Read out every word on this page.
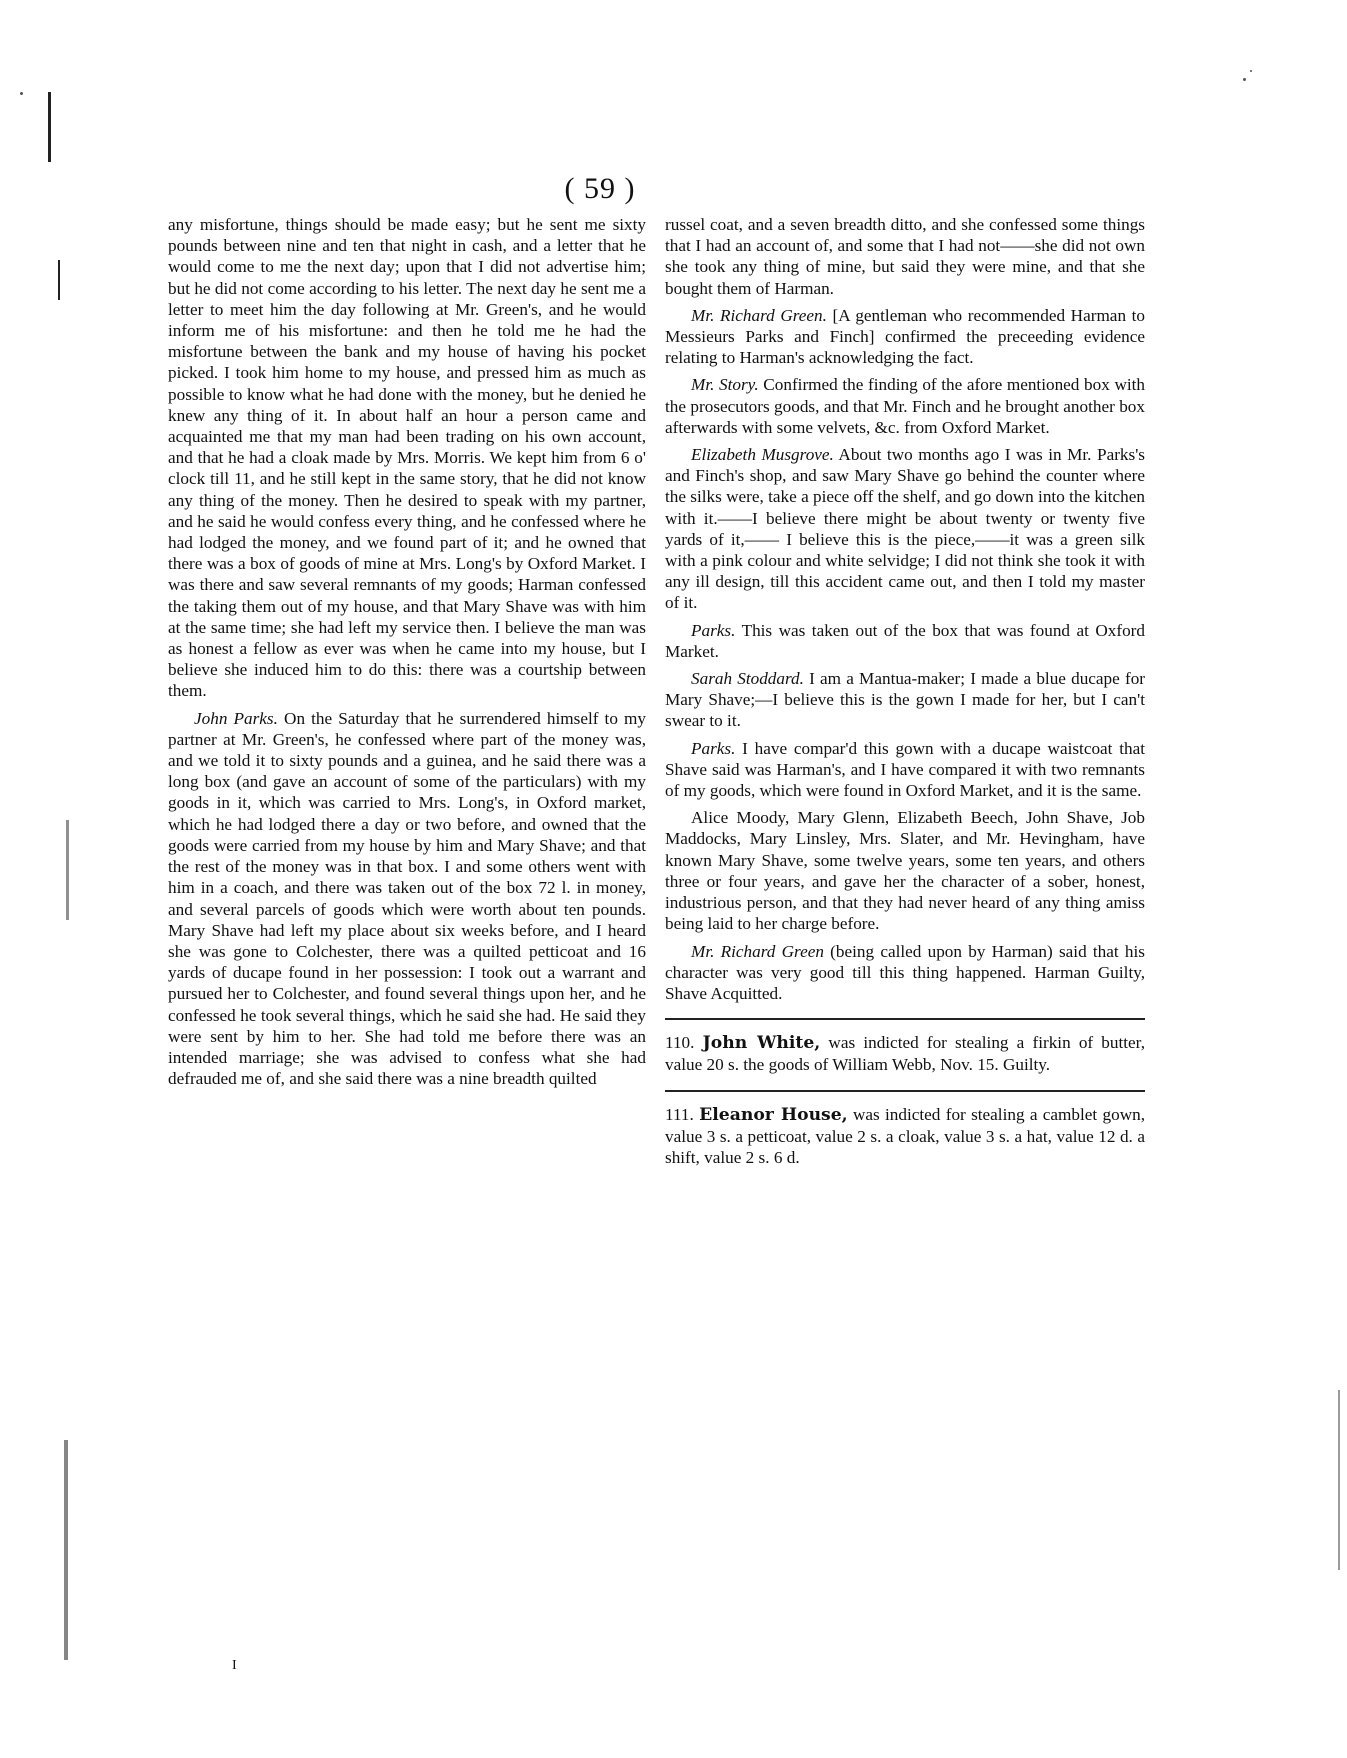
( 59 )

any misfortune, things should be made easy; but he sent me sixty pounds between nine and ten that night in cash, and a letter that he would come to me the next day; upon that I did not advertise him; but he did not come according to his letter. The next day he sent me a letter to meet him the day following at Mr. Green's, and he would inform me of his misfortune: and then he told me he had the misfortune between the bank and my house of having his pocket picked. I took him home to my house, and pressed him as much as possible to know what he had done with the money, but he denied he knew any thing of it. In about half an hour a person came and acquainted me that my man had been trading on his own account, and that he had a cloak made by Mrs. Morris. We kept him from 6 o' clock till 11, and he still kept in the same story, that he did not know any thing of the money. Then he desired to speak with my partner, and he said he would confess every thing, and he confessed where he had lodged the money, and we found part of it; and he owned that there was a box of goods of mine at Mrs. Long's by Oxford Market. I was there and saw several remnants of my goods; Harman confessed the taking them out of my house, and that Mary Shave was with him at the same time; she had left my service then. I believe the man was as honest a fellow as ever was when he came into my house, but I believe she induced him to do this: there was a courtship between them.

John Parks. On the Saturday that he surrendered himself to my partner at Mr. Green's, he confessed where part of the money was, and we told it to sixty pounds and a guinea, and he said there was a long box (and gave an account of some of the particulars) with my goods in it, which was carried to Mrs. Long's, in Oxford market, which he had lodged there a day or two before, and owned that the goods were carried from my house by him and Mary Shave; and that the rest of the money was in that box. I and some others went with him in a coach, and there was taken out of the box 72 l. in money, and several parcels of goods which were worth about ten pounds. Mary Shave had left my place about six weeks before, and I heard she was gone to Colchester, there was a quilted petticoat and 16 yards of ducape found in her possession: I took out a warrant and pursued her to Colchester, and found several things upon her, and he confessed he took several things, which he said she had. He said they were sent by him to her. She had told me before there was an intended marriage; she was advised to confess what she had defrauded me of, and she said there was a nine breadth quilted

russel coat, and a seven breadth ditto, and she confessed some things that I had an account of, and some that I had not——she did not own she took any thing of mine, but said they were mine, and that she bought them of Harman.

Mr. Richard Green. [A gentleman who recommended Harman to Messieurs Parks and Finch] confirmed the preceeding evidence relating to Harman's acknowledging the fact.

Mr. Story. Confirmed the finding of the afore mentioned box with the prosecutors goods, and that Mr. Finch and he brought another box afterwards with some velvets, &c. from Oxford Market.

Elizabeth Musgrove. About two months ago I was in Mr. Parks's and Finch's shop, and saw Mary Shave go behind the counter where the silks were, take a piece off the shelf, and go down into the kitchen with it.——I believe there might be about twenty or twenty five yards of it,—— I believe this is the piece,——it was a green silk with a pink colour and white selvidge; I did not think she took it with any ill design, till this accident came out, and then I told my master of it.

Parks. This was taken out of the box that was found at Oxford Market.

Sarah Stoddard. I am a Mantua-maker; I made a blue ducape for Mary Shave;—I believe this is the gown I made for her, but I can't swear to it.

Parks. I have compar'd this gown with a ducape waistcoat that Shave said was Harman's, and I have compared it with two remnants of my goods, which were found in Oxford Market, and it is the same.

Alice Moody, Mary Glenn, Elizabeth Beech, John Shave, Job Maddocks, Mary Linsley, Mrs. Slater, and Mr. Hevingham, have known Mary Shave, some twelve years, some ten years, and others three or four years, and gave her the character of a sober, honest, industrious person, and that they had never heard of any thing amiss being laid to her charge before.

Mr. Richard Green (being called upon by Harman) said that his character was very good till this thing happened. Harman Guilty, Shave Acquitted.

110. John White, was indicted for stealing a firkin of butter, value 20 s. the goods of William Webb, Nov. 15. Guilty.

111. Eleanor House, was indicted for stealing a camblet gown, value 3 s. a petticoat, value 2 s. a cloak, value 3 s. a hat, value 12 d. a shift, value 2 s. 6 d.

I
